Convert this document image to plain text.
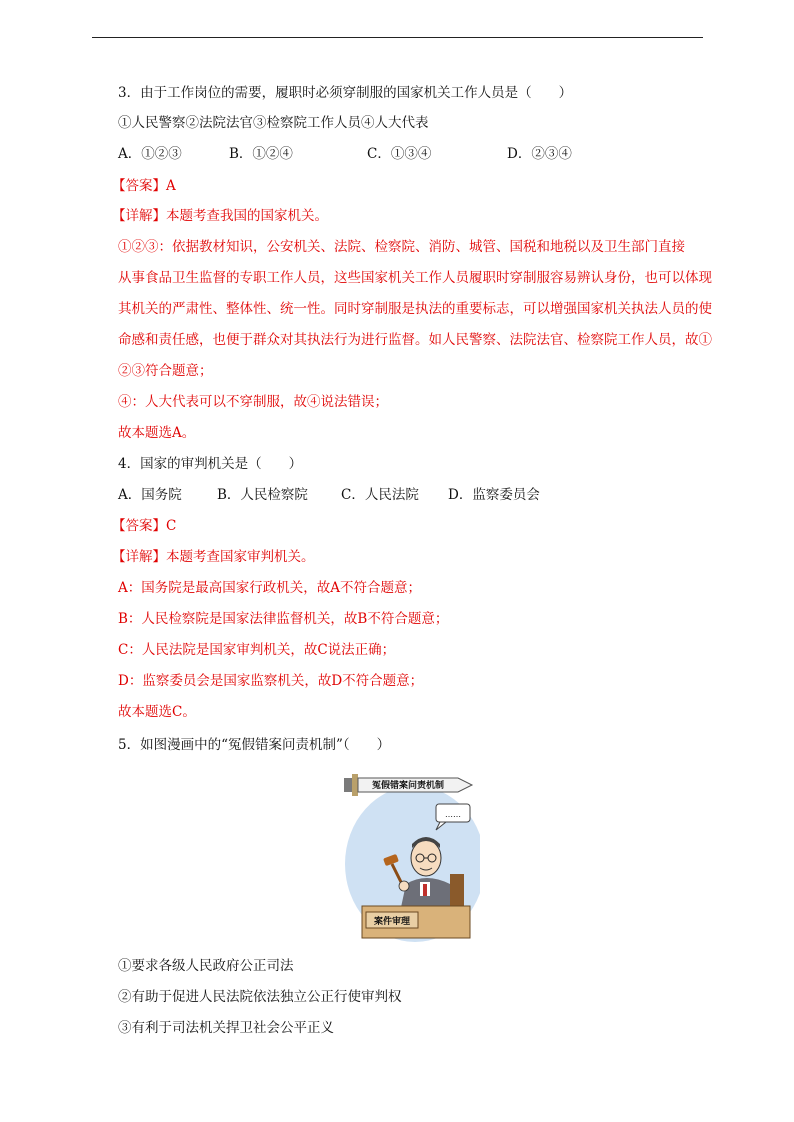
3．由于工作岗位的需要，履职时必须穿制服的国家机关工作人员是（　　）
①人民警察②法院法官③检察院工作人员④人大代表
A．①②③	B．①②④	C．①③④	D．②③④
【答案】A
【详解】本题考查我国的国家机关。
①②③：依据教材知识，公安机关、法院、检察院、消防、城管、国税和地税以及卫生部门直接
从事食品卫生监督的专职工作人员，这些国家机关工作人员履职时穿制服容易辨认身份，也可以体现
其机关的严肃性、整体性、统一性。同时穿制服是执法的重要标志，可以增强国家机关执法人员的使
命感和责任感，也便于群众对其执法行为进行监督。如人民警察、法院法官、检察院工作人员，故①
②③符合题意；
④：人大代表可以不穿制服，故④说法错误；
故本题选A。
4．国家的审判机关是（　　）
A．国务院	B．人民检察院 C．人民法院 D．监察委员会
【答案】C
【详解】本题考查国家审判机关。
A：国务院是最高国家行政机关，故A不符合题意；
B：人民检察院是国家法律监督机关，故B不符合题意；
C：人民法院是国家审判机关，故C说法正确；
D：监察委员会是国家监察机关，故D不符合题意；
故本题选C。
5．如图漫画中的“冤假错案问责机制”（　　）
冤假错案问责机制
……
案件审理
①要求各级人民政府公正司法
②有助于促进人民法院依法独立公正行使审判权
③有利于司法机关捍卫社会公平正义
